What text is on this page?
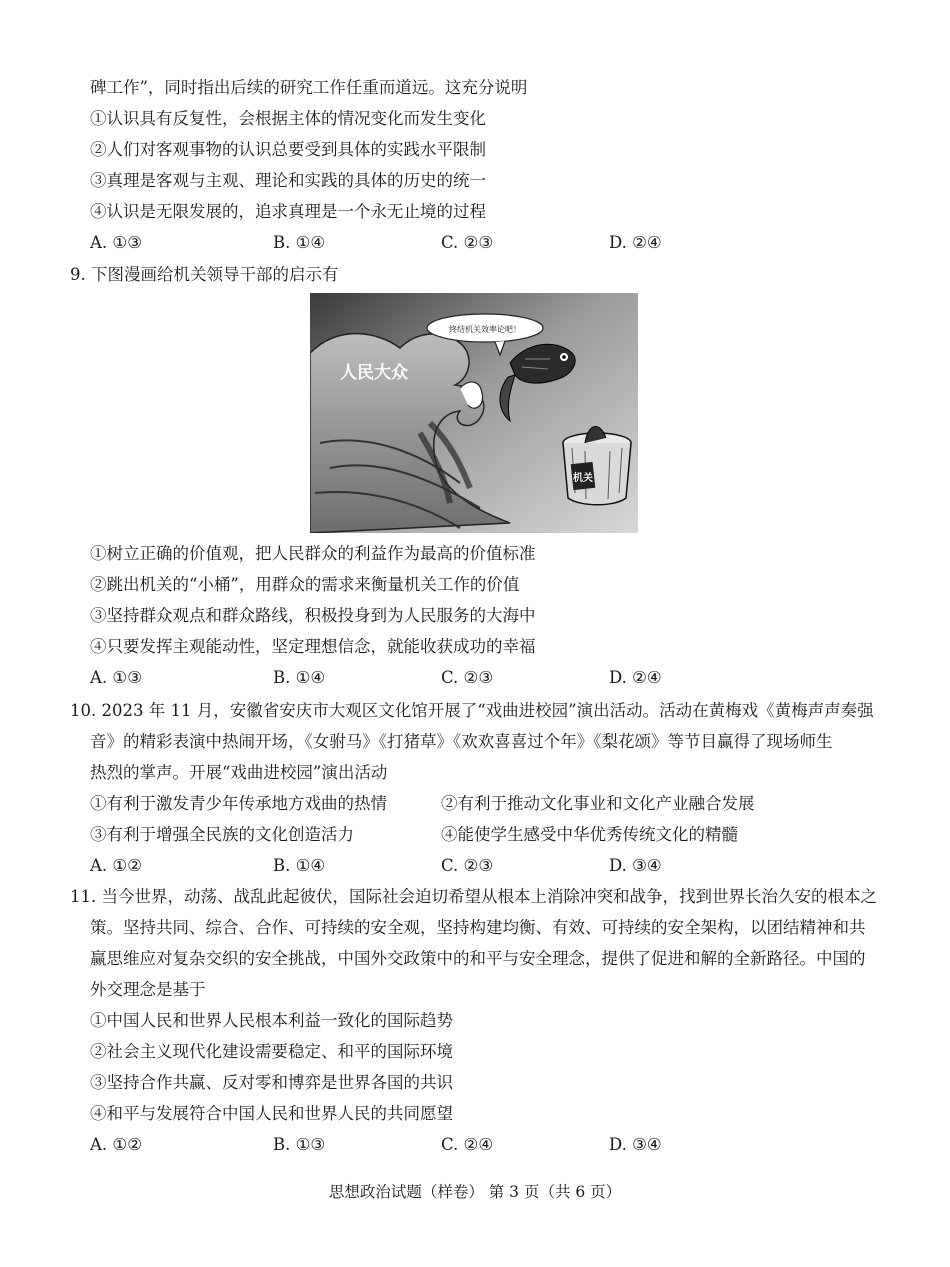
碑工作”，同时指出后续的研究工作任重而道远。这充分说明
①认识具有反复性，会根据主体的情况变化而发生变化
②人们对客观事物的认识总要受到具体的实践水平限制
③真理是客观与主观、理论和实践的具体的历史的统一
④认识是无限发展的，追求真理是一个永无止境的过程
A. ①③	B. ①④	C. ②③	D. ②④
9. 下图漫画给机关领导干部的启示有
人民大众
终结机关效率论吧！
机关
①树立正确的价值观，把人民群众的利益作为最高的价值标准
②跳出机关的“小桶”，用群众的需求来衡量机关工作的价值
③坚持群众观点和群众路线，积极投身到为人民服务的大海中
④只要发挥主观能动性，坚定理想信念，就能收获成功的幸福
A. ①③	B. ①④	C. ②③	D. ②④
10. 2023 年 11 月，安徽省安庆市大观区文化馆开展了“戏曲进校园”演出活动。活动在黄梅戏《黄梅声声奏强
音》的精彩表演中热闹开场，《女驸马》《打猪草》《欢欢喜喜过个年》《梨花颂》等节目赢得了现场师生
热烈的掌声。开展“戏曲进校园”演出活动
①有利于激发青少年传承地方戏曲的热情	②有利于推动文化事业和文化产业融合发展
③有利于增强全民族的文化创造活力	④能使学生感受中华优秀传统文化的精髓
A. ①②	B. ①④	C. ②③	D. ③④
11. 当今世界，动荡、战乱此起彼伏，国际社会迫切希望从根本上消除冲突和战争，找到世界长治久安的根本之
策。坚持共同、综合、合作、可持续的安全观，坚持构建均衡、有效、可持续的安全架构，以团结精神和共
赢思维应对复杂交织的安全挑战，中国外交政策中的和平与安全理念，提供了促进和解的全新路径。中国的
外交理念是基于
①中国人民和世界人民根本利益一致化的国际趋势
②社会主义现代化建设需要稳定、和平的国际环境
③坚持合作共赢、反对零和博弈是世界各国的共识
④和平与发展符合中国人民和世界人民的共同愿望
A. ①②	B. ①③	C. ②④	D. ③④
思想政治试题（样卷） 第 3 页（共 6 页）
